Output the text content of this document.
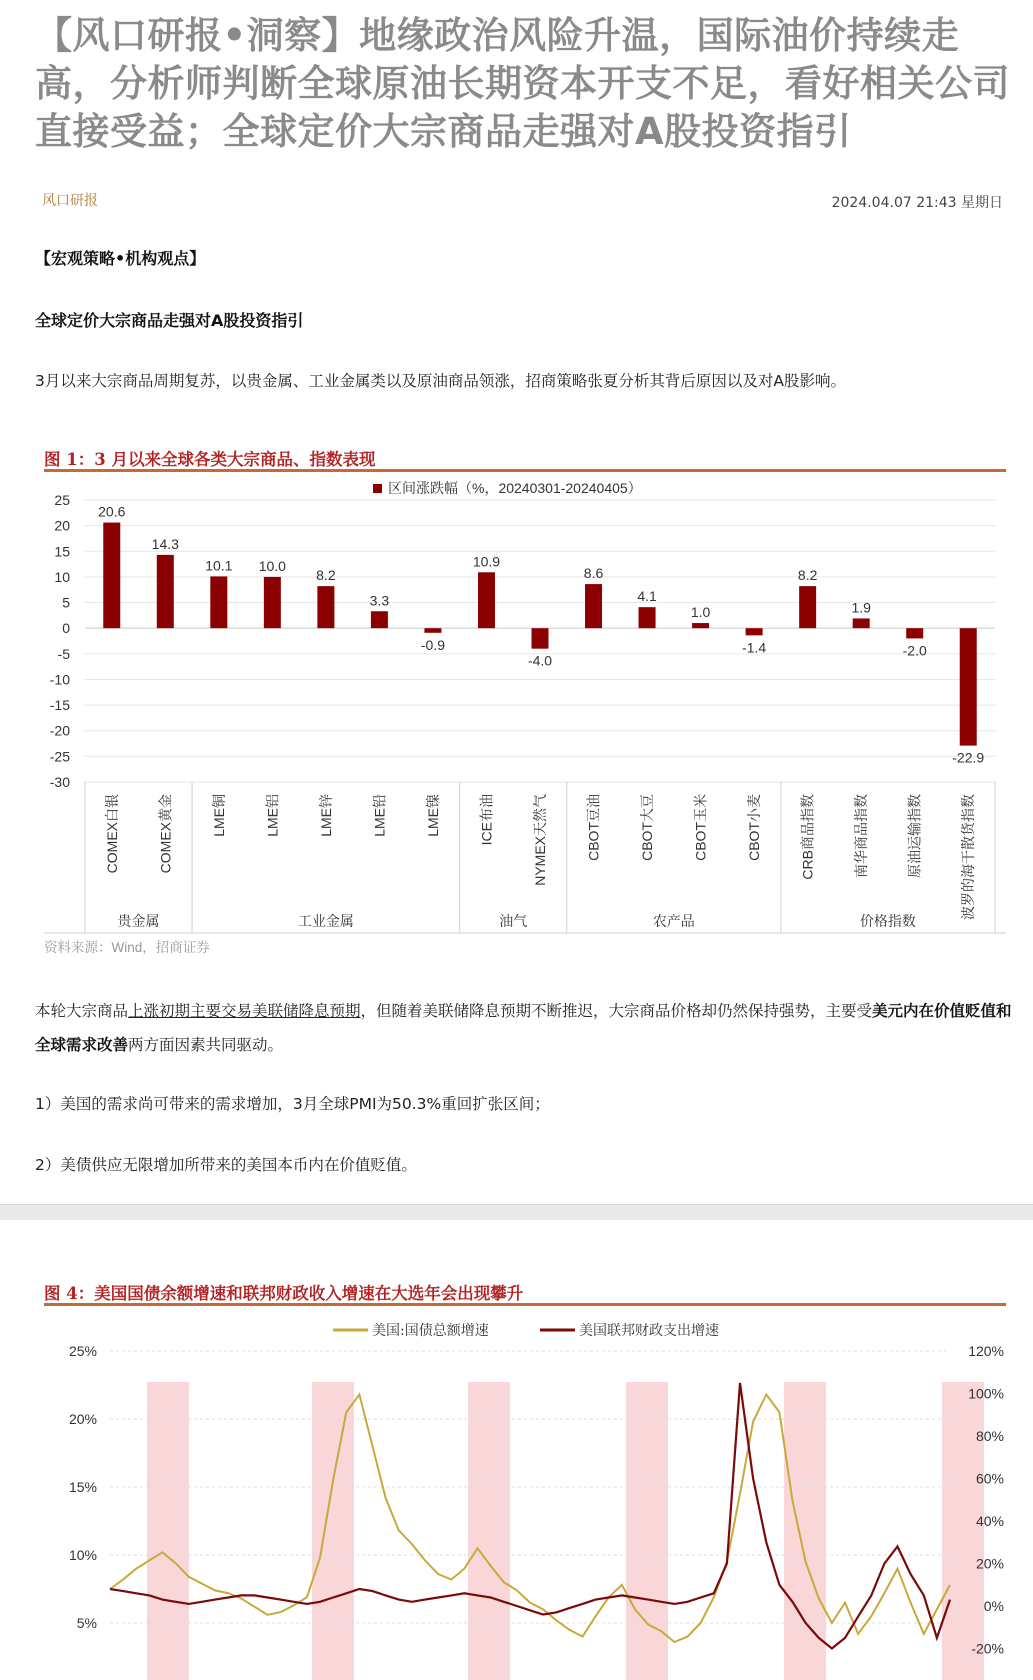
【风口研报•洞察】地缘政治风险升温，国际油价持续走高，分析师判断全球原油长期资本开支不足，看好相关公司直接受益；全球定价大宗商品走强对A股投资指引
风口研报	2024.04.07 21:43 星期日
【宏观策略•机构观点】
全球定价大宗商品走强对A股投资指引
3月以来大宗商品周期复苏，以贵金属、工业金属类以及原油商品领涨，招商策略张夏分析其背后原因以及对A股影响。
图 1：3 月以来全球各类大宗商品、指数表现
区间涨跌幅（%，20240301-20240405）
25
20
15
10
5
0
-5
-10
-15
-20
-25
-30
20.6
COMEX白银
14.3
COMEX黄金
10.1
LME铜
10.0
LME铝
8.2
LME锌
3.3
LME铅
-0.9
LME镍
10.9
ICE布油
-4.0
NYMEX天然气
8.6
CBOT豆油
4.1
CBOT大豆
1.0
CBOT玉米
-1.4
CBOT小麦
8.2
CRB商品指数
1.9
南华商品指数
-2.0
原油运输指数
-22.9
波罗的海干散货指数
贵金属	工业金属	油气	农产品	价格指数
资料来源：Wind，招商证券
本轮大宗商品上涨初期主要交易美联储降息预期，但随着美联储降息预期不断推迟，大宗商品价格却仍然保持强势，主要受美元内在价值贬值和全球需求改善两方面因素共同驱动。
1）美国的需求尚可带来的需求增加，3月全球PMI为50.3%重回扩张区间；
2）美债供应无限增加所带来的美国本币内在价值贬值。
图 4：美国国债余额增速和联邦财政收入增速在大选年会出现攀升
美国:国债总额增速	美国联邦财政支出增速
25%
20%
15%
10%
5%
120%
100%
80%
60%
40%
20%
0%
-20%
